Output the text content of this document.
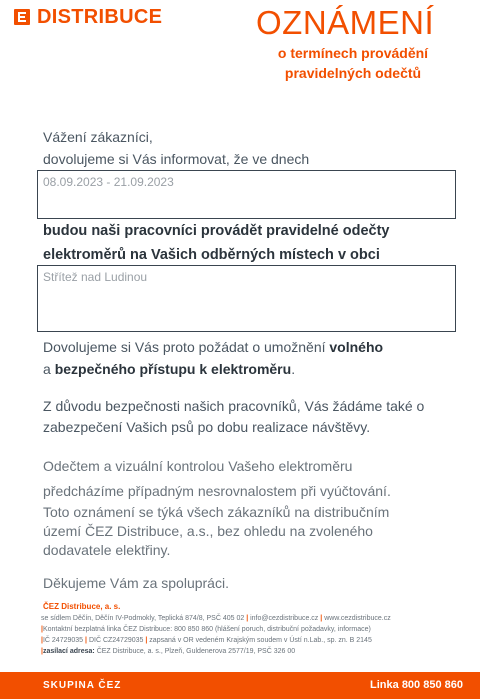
DISTRIBUCE	OZNÁMENÍ
o termínech provádění
pravidelných odečtů
Vážení zákazníci,
dovolujeme si Vás informovat, že ve dnech
08.09.2023 - 21.09.2023
budou naši pracovníci provádět pravidelné odečty
elektroměrů na Vašich odběrných místech v obci
Střítež nad Ludinou
Dovolujeme si Vás proto požádat o umožnění volného
a bezpečného přístupu k elektroměru.
Z důvodu bezpečnosti našich pracovníků, Vás žádáme také o
zabezpečení Vašich psů po dobu realizace návštěvy.
Odečtem a vizuální kontrolou Vašeho elektroměru
předcházíme případným nesrovnalostem při vyúčtování.
Toto oznámení se týká všech zákazníků na distribučním
území ČEZ Distribuce, a.s., bez ohledu na zvoleného
dodavatele elektřiny.
Děkujeme Vám za spolupráci.
ČEZ Distribuce, a. s.
se sídlem Děčín, Děčín IV-Podmokly, Teplická 874/8, PSČ 405 02 | info@cezdistribuce.cz | www.cezdistribuce.cz
|Kontaktní bezplatná linka ČEZ Distribuce: 800 850 860 (hlášení poruch, distribuční požadavky, informace)
|IČ 24729035 | DIČ CZ24729035 | zapsaná v OR vedeném Krajským soudem v Ústí n.Lab., sp. zn. B 2145
|zasílací adresa: ČEZ Distribuce, a. s., Plzeň, Guldenerova 2577/19, PSČ 326 00
SKUPINA ČEZ	Linka 800 850 860
